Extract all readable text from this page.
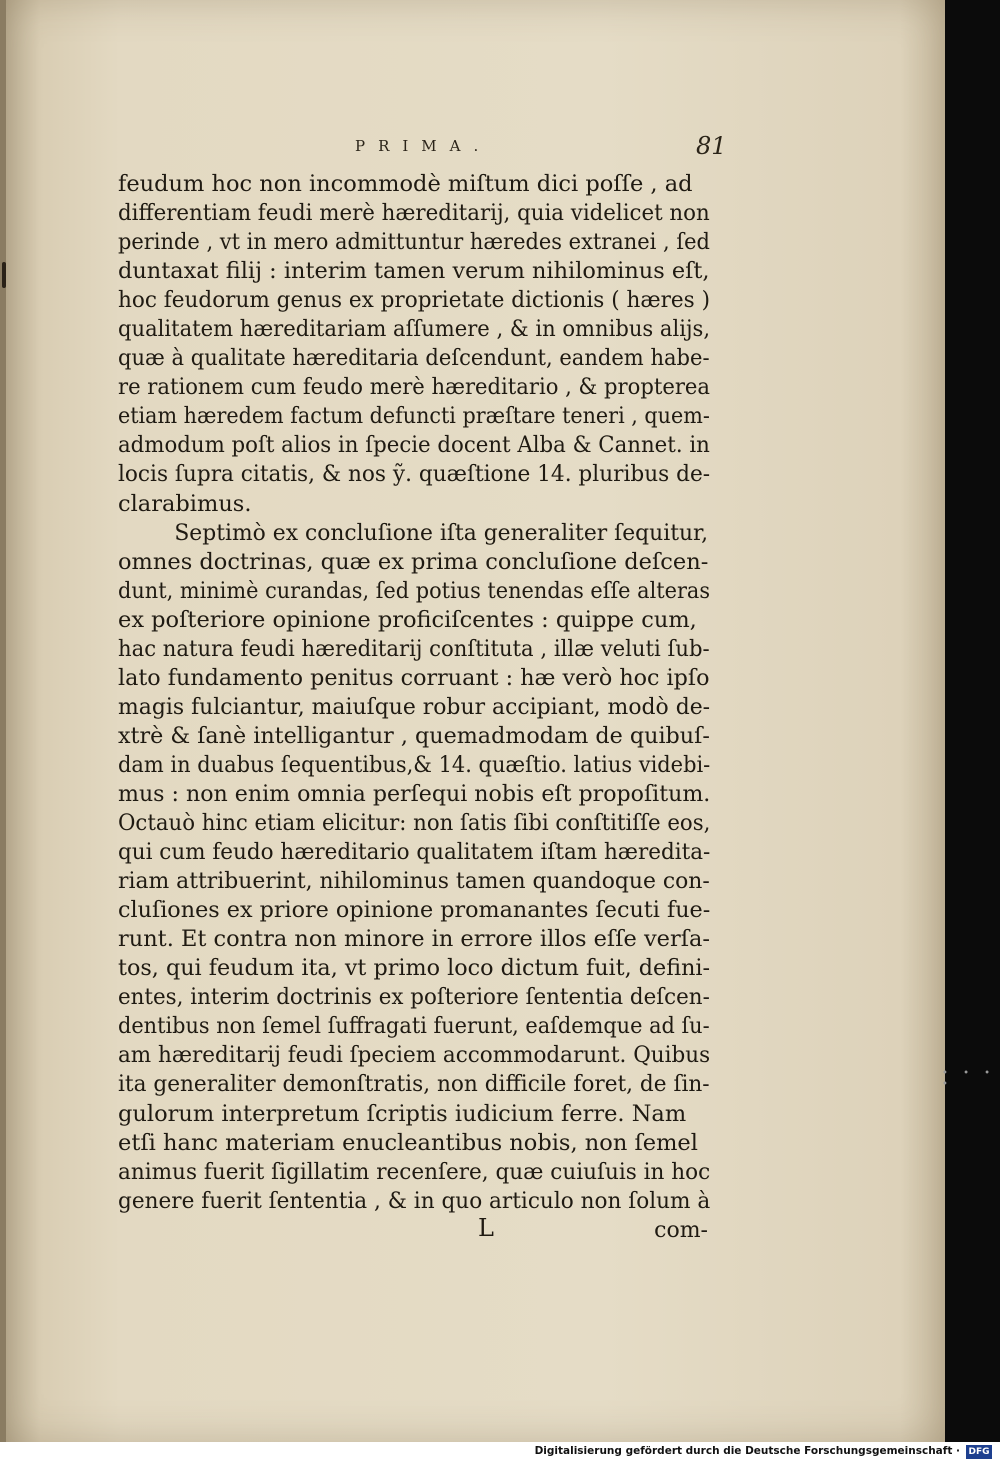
PRIMA.	81
feudum hoc non incommodè miſtum dici poſſe , ad
differentiam feudi merè hæreditarij, quia videlicet non
perinde , vt in mero admittuntur hæredes extranei , ſed
duntaxat filij : interim tamen verum nihilominus eſt,
hoc feudorum genus ex proprietate dictionis ( hæres )
qualitatem hæreditariam aſſumere , & in omnibus alijs,
quæ à qualitate hæreditaria deſcendunt, eandem habe-
re rationem cum feudo merè hæreditario , & propterea
etiam hæredem factum defuncti præſtare teneri , quem-
admodum poſt alios in ſpecie docent Alba & Cannet. in
locis ſupra citatis, & nos ỹ. quæſtione 14. pluribus de-
clarabimus.
Septimò ex concluſione iſta generaliter ſequitur,
omnes doctrinas, quæ ex prima concluſione deſcen-
dunt, minimè curandas, ſed potius tenendas eſſe alteras
ex poſteriore opinione proficiſcentes : quippe cum,
hac natura feudi hæreditarij conſtituta , illæ veluti ſub-
lato fundamento penitus corruant : hæ verò hoc ipſo
magis fulciantur, maiuſque robur accipiant, modò de-
xtrè & ſanè intelligantur , quemadmodam de quibuſ-
dam in duabus ſequentibus,& 14. quæſtio. latius videbi-
mus : non enim omnia perſequi nobis eſt propoſitum.
Octauò hinc etiam elicitur: non ſatis ſibi conſtitiſſe eos,
qui cum feudo hæreditario qualitatem iſtam hæredita-
riam attribuerint, nihilominus tamen quandoque con-
cluſiones ex priore opinione promanantes ſecuti fue-
runt. Et contra non minore in errore illos eſſe verſa-
tos, qui feudum ita, vt primo loco dictum fuit, defini-
entes, interim doctrinis ex poſteriore ſententia deſcen-
dentibus non ſemel ſuffragati fuerunt, eaſdemque ad ſu-
am hæreditarij feudi ſpeciem accommodarunt. Quibus
ita generaliter demonſtratis, non difficile foret, de ſin-
gulorum interpretum ſcriptis iudicium ferre. Nam
etſi hanc materiam enucleantibus nobis, non ſemel
animus fuerit ſigillatim recenſere, quæ cuiuſuis in hoc
genere fuerit ſententia , & in quo articulo non ſolum à
L	com-
• • • •
Digitalisierung gefördert durch die Deutsche Forschungsgemeinschaft · DFG
